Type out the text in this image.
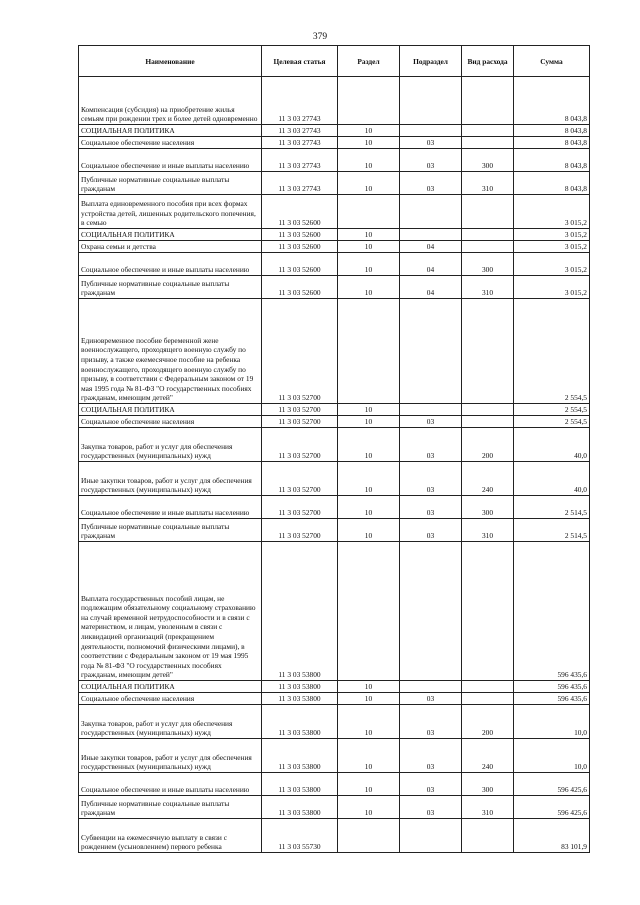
379
Наименование	Целевая статья	Раздел	Подраздел	Вид расхода	Сумма
Компенсация (субсидия) на приобретение жилья семьям при рождении трех и более детей одновременно	11 3 03 27743				8 043,8
СОЦИАЛЬНАЯ ПОЛИТИКА	11 3 03 27743	10			8 043,8
Социальное обеспечение населения	11 3 03 27743	10	03		8 043,8
Социальное обеспечение и иные выплаты населению	11 3 03 27743	10	03	300	8 043,8
Публичные нормативные социальные выплаты гражданам	11 3 03 27743	10	03	310	8 043,8
Выплата единовременного пособия при всех формах устройства детей, лишенных родительского попечения, в семью	11 3 03 52600				3 015,2
СОЦИАЛЬНАЯ ПОЛИТИКА	11 3 03 52600	10			3 015,2
Охрана семьи и детства	11 3 03 52600	10	04		3 015,2
Социальное обеспечение и иные выплаты населению	11 3 03 52600	10	04	300	3 015,2
Публичные нормативные социальные выплаты гражданам	11 3 03 52600	10	04	310	3 015,2
Единовременное пособие беременной жене военнослужащего, проходящего военную службу по призыву, а также ежемесячное пособие на ребенка военнослужащего, проходящего военную службу по призыву, в соответствии с Федеральным законом от 19 мая 1995 года № 81-ФЗ "О государственных пособиях гражданам, имеющим детей"	11 3 03 52700				2 554,5
СОЦИАЛЬНАЯ ПОЛИТИКА	11 3 03 52700	10			2 554,5
Социальное обеспечение населения	11 3 03 52700	10	03		2 554,5
Закупка товаров, работ и услуг для обеспечения государственных (муниципальных) нужд	11 3 03 52700	10	03	200	40,0
Иные закупки товаров, работ и услуг для обеспечения государственных (муниципальных) нужд	11 3 03 52700	10	03	240	40,0
Социальное обеспечение и иные выплаты населению	11 3 03 52700	10	03	300	2 514,5
Публичные нормативные социальные выплаты гражданам	11 3 03 52700	10	03	310	2 514,5
Выплата государственных пособий лицам, не подлежащим обязательному социальному страхованию на случай временной нетрудоспособности и в связи с материнством, и лицам, уволенным в связи с ликвидацией организаций (прекращением деятельности, полномочий физическими лицами), в соответствии с Федеральным законом от 19 мая 1995 года № 81-ФЗ "О государственных пособиях гражданам, имеющим детей"	11 3 03 53800				596 435,6
СОЦИАЛЬНАЯ ПОЛИТИКА	11 3 03 53800	10			596 435,6
Социальное обеспечение населения	11 3 03 53800	10	03		596 435,6
Закупка товаров, работ и услуг для обеспечения государственных (муниципальных) нужд	11 3 03 53800	10	03	200	10,0
Иные закупки товаров, работ и услуг для обеспечения государственных (муниципальных) нужд	11 3 03 53800	10	03	240	10,0
Социальное обеспечение и иные выплаты населению	11 3 03 53800	10	03	300	596 425,6
Публичные нормативные социальные выплаты гражданам	11 3 03 53800	10	03	310	596 425,6
Субвенции на ежемесячную выплату в связи с рождением (усыновлением) первого ребенка	11 3 03 55730				83 101,9
